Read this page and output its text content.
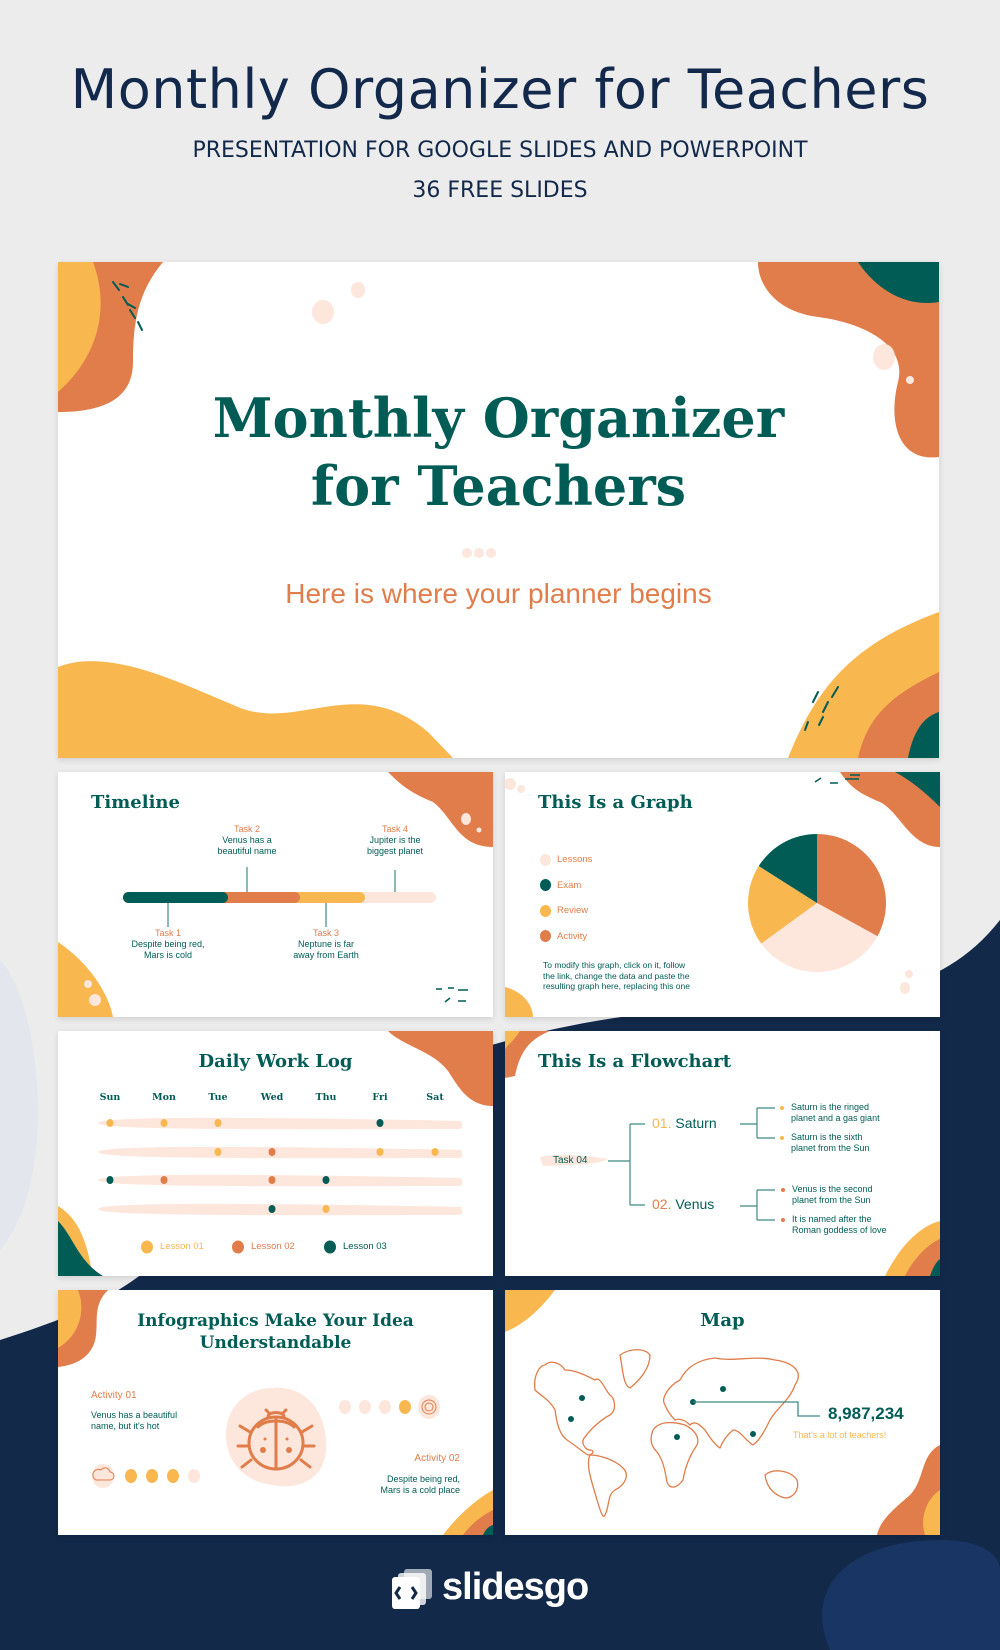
Monthly Organizer for Teachers
PRESENTATION FOR GOOGLE SLIDES AND POWERPOINT
36 FREE SLIDES
Monthly Organizer
for Teachers
Here is where your planner begins
Timeline
Task 1
Despite being red,
Mars is cold
Task 2
Venus has a
beautiful name
Task 3
Neptune is far
away from Earth
Task 4
Jupiter is the
biggest planet
This Is a Graph
Lessons
Exam
Review
Activity
To modify this graph, click on it, follow
the link, change the data and paste the
resulting graph here, replacing this one
Daily Work Log
Sun	Mon	Tue	Wed	Thu	Fri	Sat
Lesson 01	Lesson 02	Lesson 03
This Is a Flowchart
Task 04
01. Saturn
02. Venus
Saturn is the ringed
planet and a gas giant
Saturn is the sixth
planet from the Sun
Venus is the second
planet from the Sun
It is named after the
Roman goddess of love
Infographics Make Your Idea
Understandable
Activity 01
Venus has a beautiful
name, but it's hot
Activity 02
Despite being red,
Mars is a cold place
Map
8,987,234
That's a lot of teachers!
slidesgo
